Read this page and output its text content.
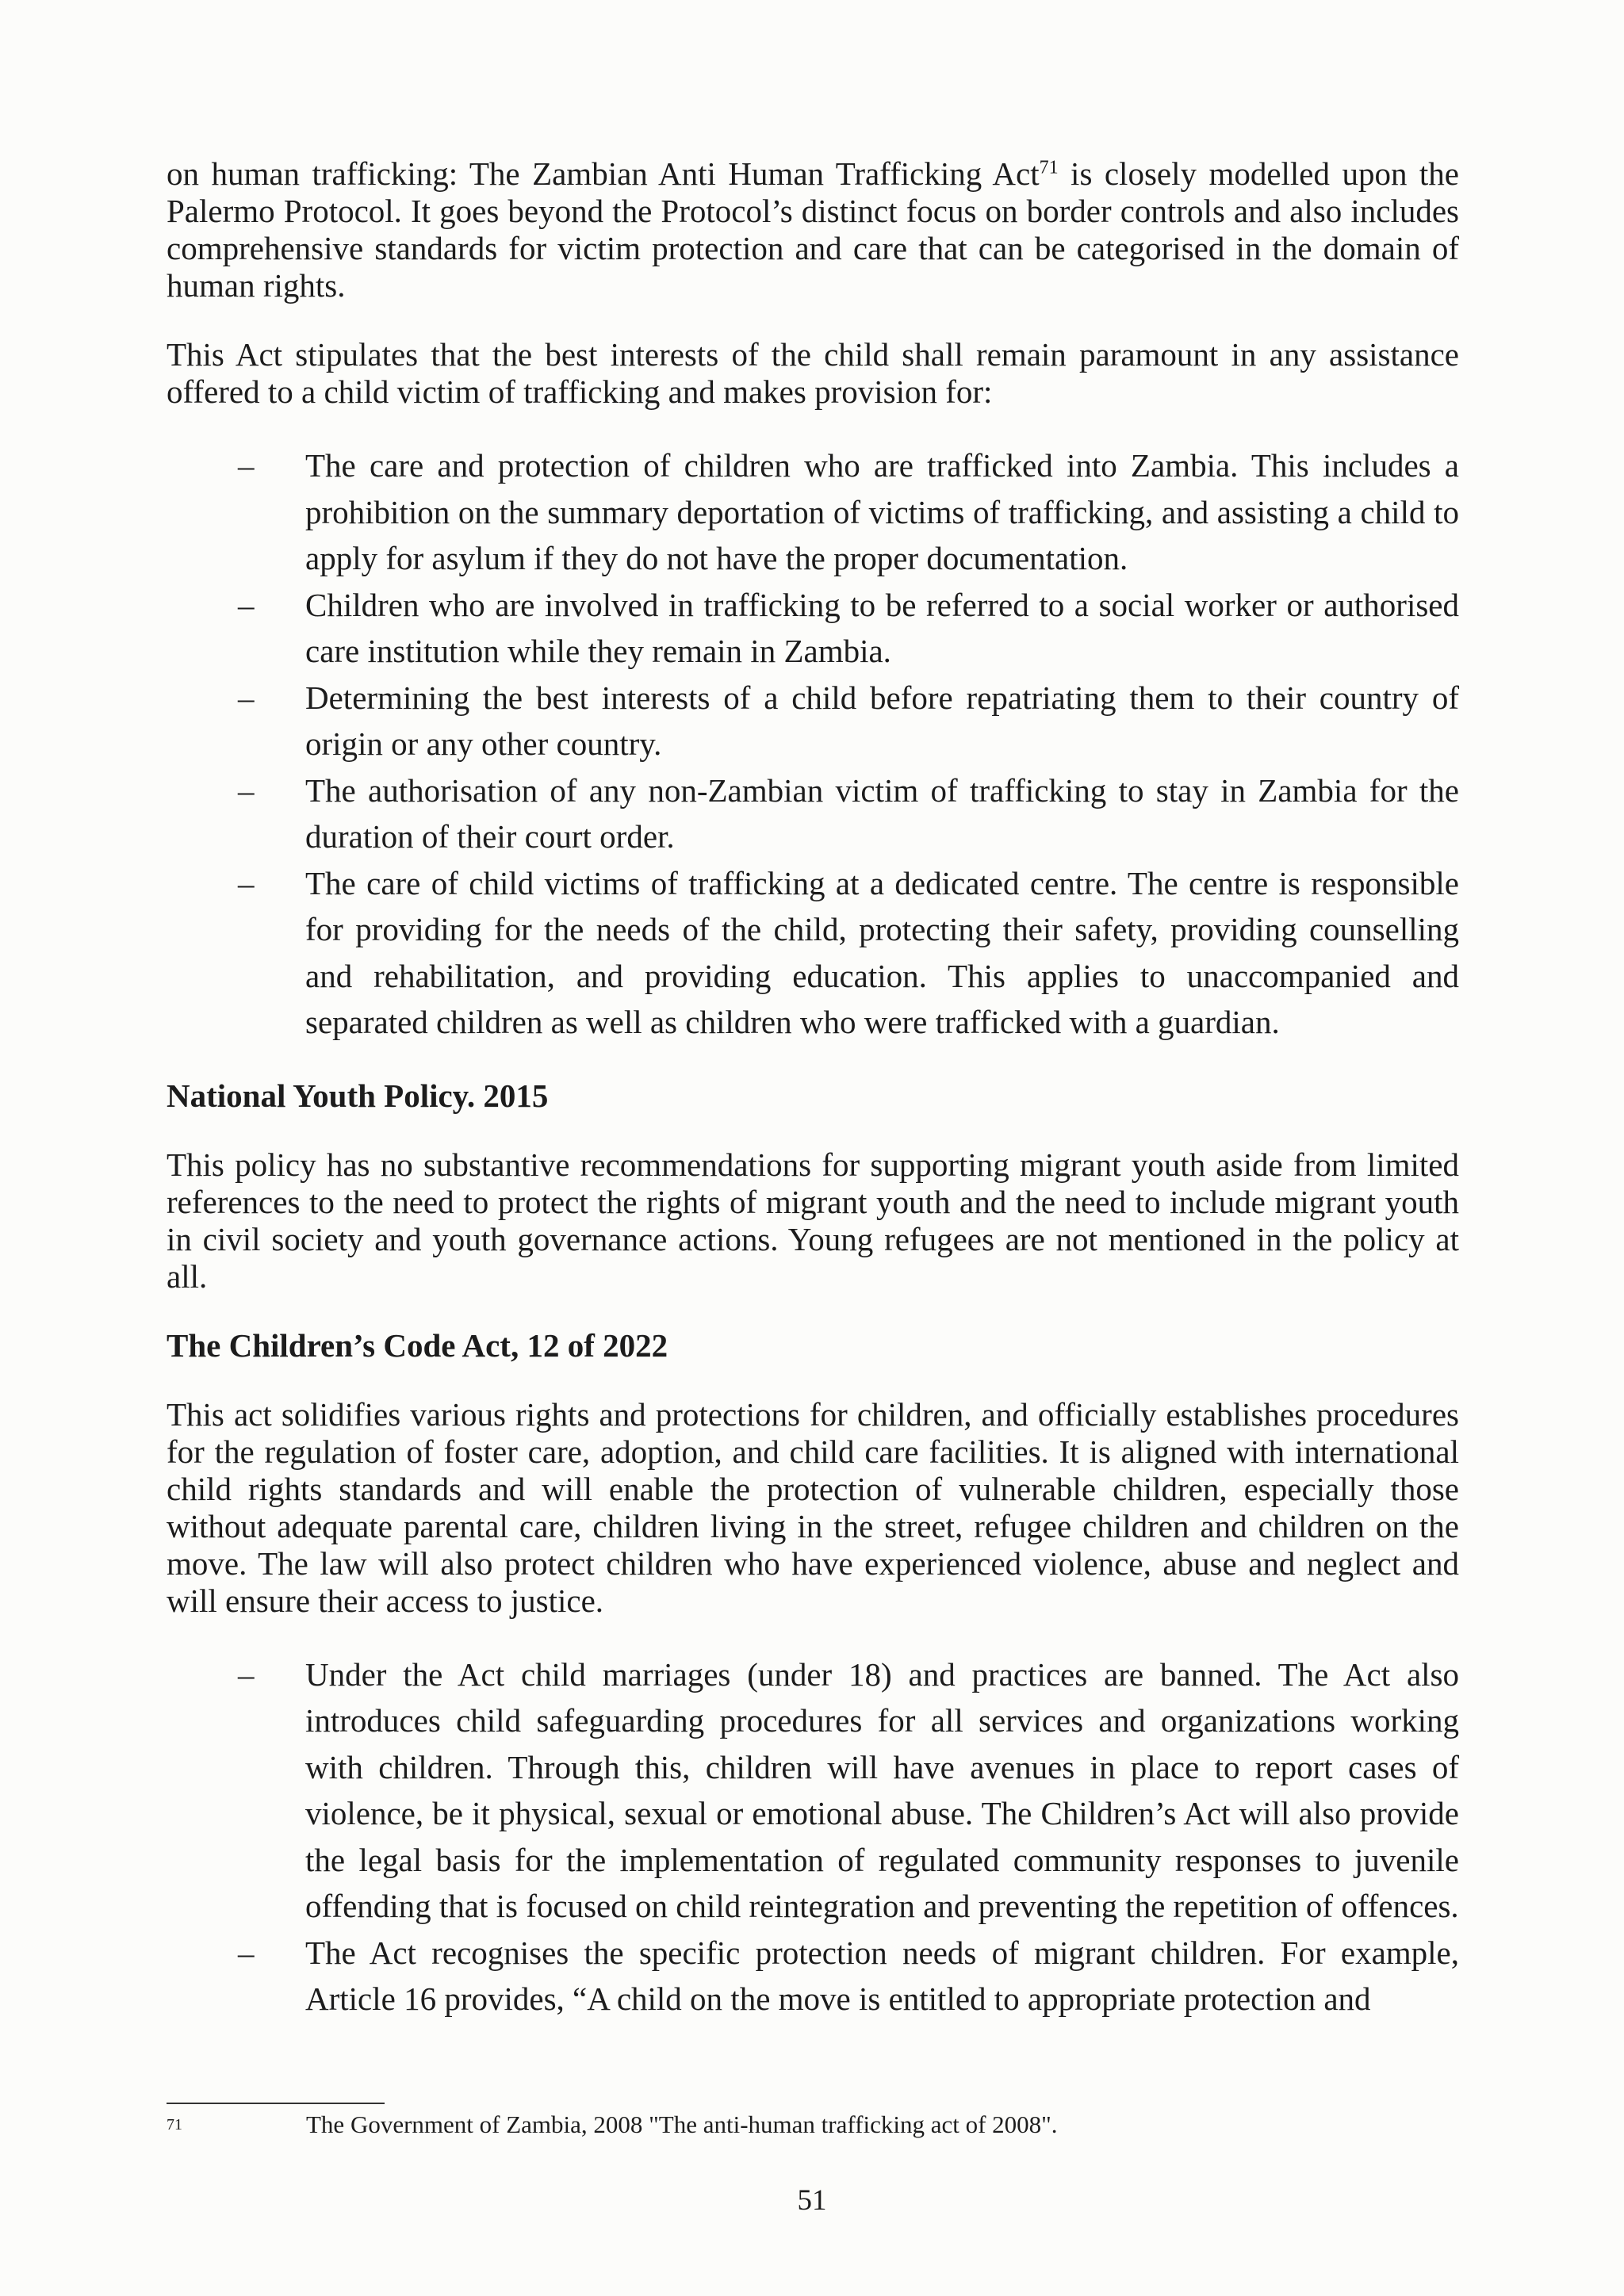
on human trafficking: The Zambian Anti Human Trafficking Act$^{71}$ is closely modelled upon the Palermo Protocol. It goes beyond the Protocol’s distinct focus on border controls and also includes comprehensive standards for victim protection and care that can be categorised in the domain of human rights.

This Act stipulates that the best interests of the child shall remain paramount in any assistance offered to a child victim of trafficking and makes provision for:

– The care and protection of children who are trafficked into Zambia. This includes a prohibition on the summary deportation of victims of trafficking, and assisting a child to apply for asylum if they do not have the proper documentation.
– Children who are involved in trafficking to be referred to a social worker or authorised care institution while they remain in Zambia.
– Determining the best interests of a child before repatriating them to their country of origin or any other country.
– The authorisation of any non-Zambian victim of trafficking to stay in Zambia for the duration of their court order.
– The care of child victims of trafficking at a dedicated centre. The centre is responsible for providing for the needs of the child, protecting their safety, providing counselling and rehabilitation, and providing education. This applies to unaccompanied and separated children as well as children who were trafficked with a guardian.
National Youth Policy. 2015

This policy has no substantive recommendations for supporting migrant youth aside from limited references to the need to protect the rights of migrant youth and the need to include migrant youth in civil society and youth governance actions. Young refugees are not mentioned in the policy at all.

The Children’s Code Act, 12 of 2022

This act solidifies various rights and protections for children, and officially establishes procedures for the regulation of foster care, adoption, and child care facilities. It is aligned with international child rights standards and will enable the protection of vulnerable children, especially those without adequate parental care, children living in the street, refugee children and children on the move. The law will also protect children who have experienced violence, abuse and neglect and will ensure their access to justice.

– Under the Act child marriages (under 18) and practices are banned. The Act also introduces child safeguarding procedures for all services and organizations working with children. Through this, children will have avenues in place to report cases of violence, be it physical, sexual or emotional abuse. The Children’s Act will also provide the legal basis for the implementation of regulated community responses to juvenile offending that is focused on child reintegration and preventing the repetition of offences.
– The Act recognises the specific protection needs of migrant children. For example, Article 16 provides, “A child on the move is entitled to appropriate protection and
71	The Government of Zambia, 2008 "The anti-human trafficking act of 2008".
51
